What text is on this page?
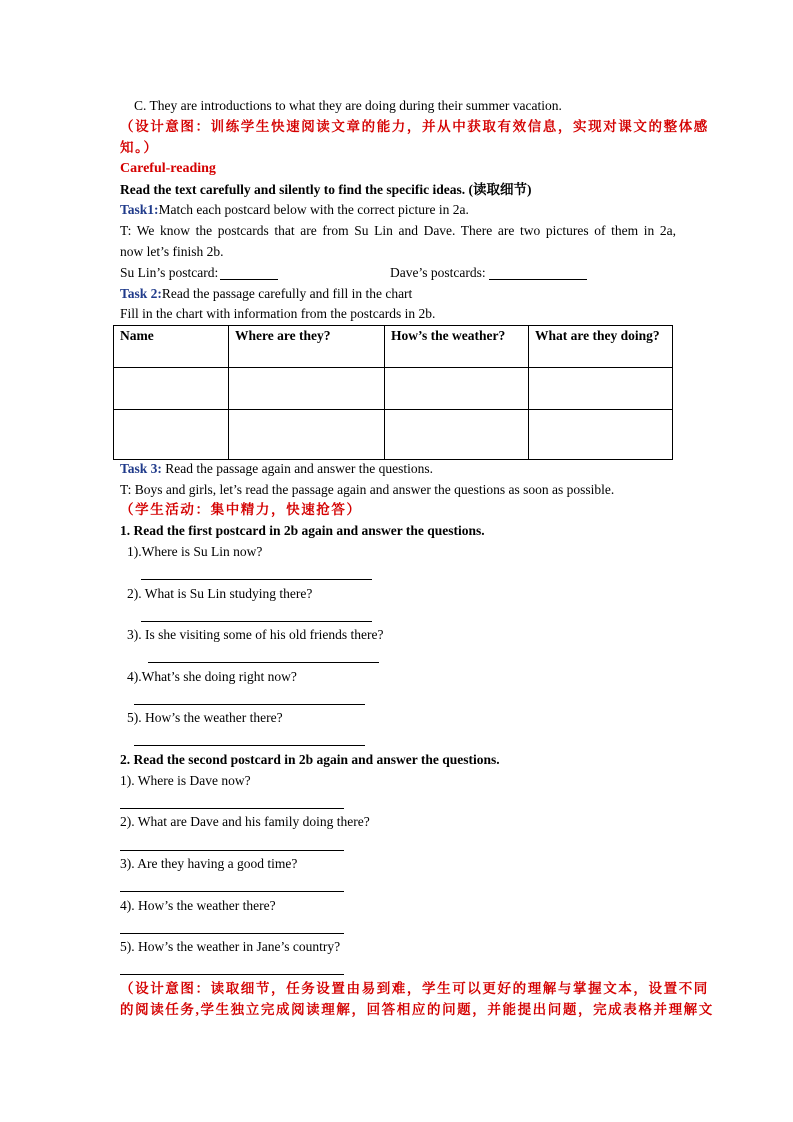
C. They are introductions to what they are doing during their summer vacation.
（设计意图：训练学生快速阅读文章的能力，并从中获取有效信息，实现对课文的整体感
知。）
Careful-reading
Read the text carefully and silently to find the specific ideas. (读取细节)
Task1:Match each postcard below with the correct picture in 2a.
T: We know the postcards that are from Su Lin and Dave. There are two pictures of them in 2a,
now let’s finish 2b.
Su Lin’s postcard:	Dave’s postcards:
Task 2:Read the passage carefully and fill in the chart
Fill in the chart with information from the postcards in 2b.
Name	Where are they?	How’s the weather?	What are they doing?

Task 3: Read the passage again and answer the questions.
T: Boys and girls, let’s read the passage again and answer the questions as soon as possible.
（学生活动：集中精力，快速抢答）
1. Read the first postcard in 2b again and answer the questions.
1).Where is Su Lin now?
2). What is Su Lin studying there?
3). Is she visiting some of his old friends there?
4).What’s she doing right now?
5). How’s the weather there?
2. Read the second postcard in 2b again and answer the questions.
1). Where is Dave now?
2). What are Dave and his family doing there?
3). Are they having a good time?
4). How’s the weather there?
5). How’s the weather in Jane’s country?
（设计意图：读取细节，任务设置由易到难，学生可以更好的理解与掌握文本，设置不同
的阅读任务,学生独立完成阅读理解，回答相应的问题，并能提出问题，完成表格并理解文
